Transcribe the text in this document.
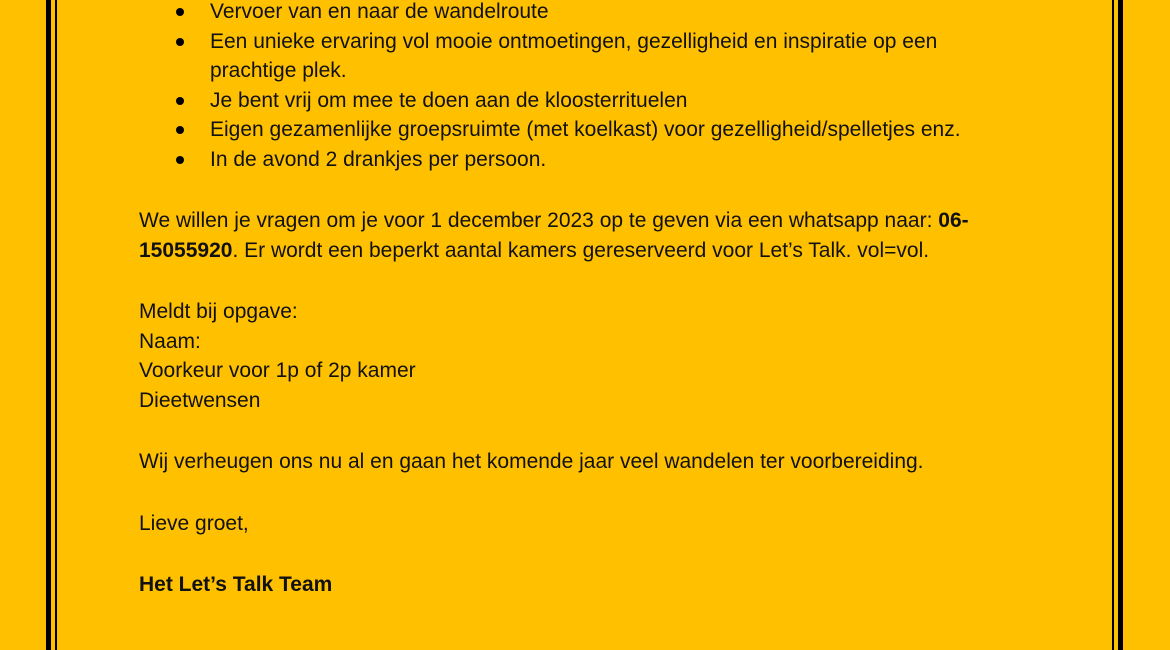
Vervoer van en naar de wandelroute
Een unieke ervaring vol mooie ontmoetingen, gezelligheid en inspiratie op een prachtige plek.
Je bent vrij om mee te doen aan de kloosterrituelen
Eigen gezamenlijke groepsruimte (met koelkast) voor gezelligheid/spelletjes enz.
In de avond 2 drankjes per persoon.

We willen je vragen om je voor 1 december 2023 op te geven via een whatsapp naar: 06-15055920. Er wordt een beperkt aantal kamers gereserveerd voor Let’s Talk. vol=vol.

Meldt bij opgave:

Naam:

Voorkeur voor 1p of 2p kamer

Dieetwensen

Wij verheugen ons nu al en gaan het komende jaar veel wandelen ter voorbereiding.

Lieve groet,

Het Let’s Talk Team
